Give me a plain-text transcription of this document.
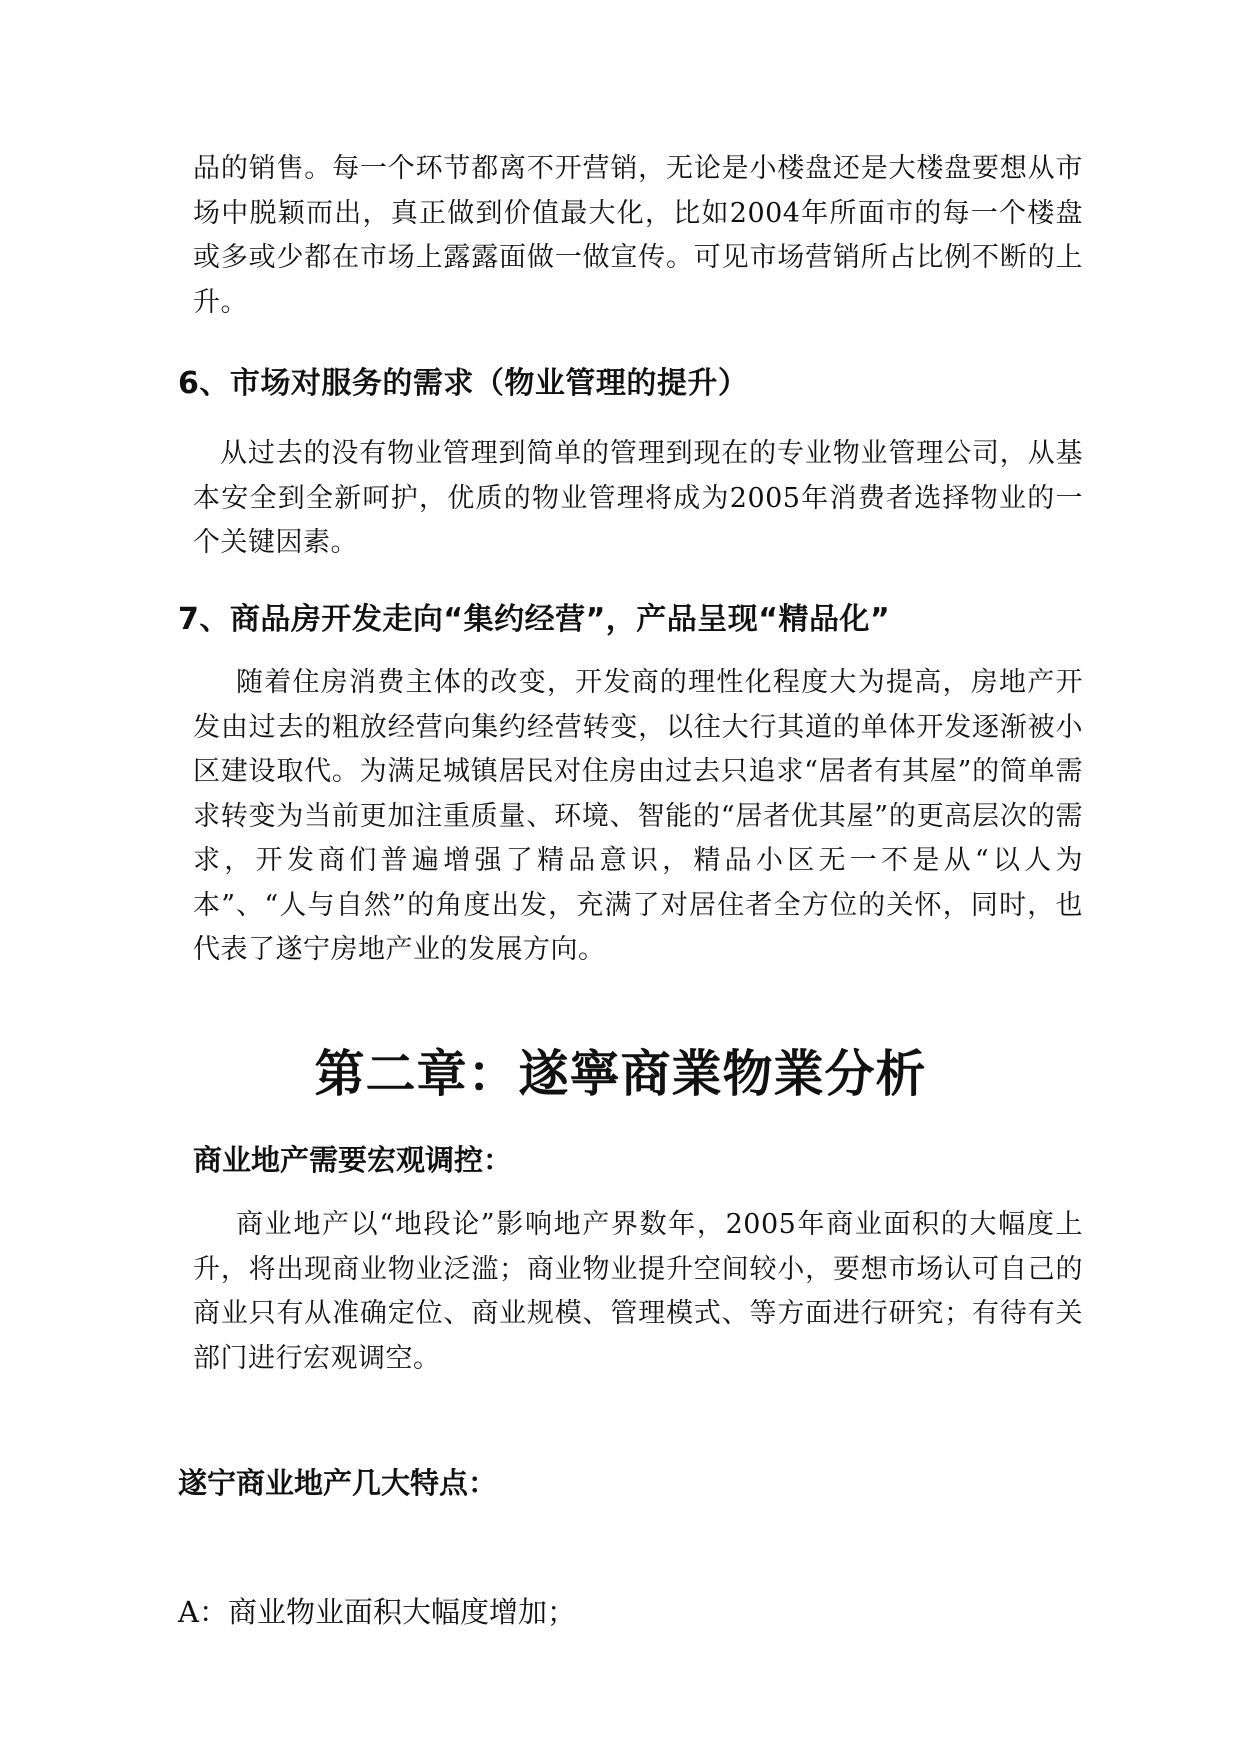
品的销售。每一个环节都离不开营销，无论是小楼盘还是大楼盘要想从市场中脱颖而出，真正做到价值最大化，比如2004年所面市的每一个楼盘或多或少都在市场上露露面做一做宣传。可见市场营销所占比例不断的上升。

6、市场对服务的需求（物业管理的提升）

从过去的没有物业管理到简单的管理到现在的专业物业管理公司，从基本安全到全新呵护，优质的物业管理将成为2005年消费者选择物业的一个关键因素。

7、商品房开发走向“集约经营”，产品呈现“精品化”

随着住房消费主体的改变，开发商的理性化程度大为提高，房地产开发由过去的粗放经营向集约经营转变，以往大行其道的单体开发逐渐被小区建设取代。为满足城镇居民对住房由过去只追求“居者有其屋”的简单需求转变为当前更加注重质量、环境、智能的“居者优其屋”的更高层次的需求，开发商们普遍增强了精品意识，精品小区无一不是从“以人为本”、“人与自然”的角度出发，充满了对居住者全方位的关怀，同时，也代表了遂宁房地产业的发展方向。

第二章：遂寧商業物業分析
商业地产需要宏观调控：

商业地产以“地段论”影响地产界数年，2005年商业面积的大幅度上升，将出现商业物业泛滥；商业物业提升空间较小，要想市场认可自己的商业只有从准确定位、商业规模、管理模式、等方面进行研究；有待有关部门进行宏观调空。

遂宁商业地产几大特点：

A：商业物业面积大幅度增加；
